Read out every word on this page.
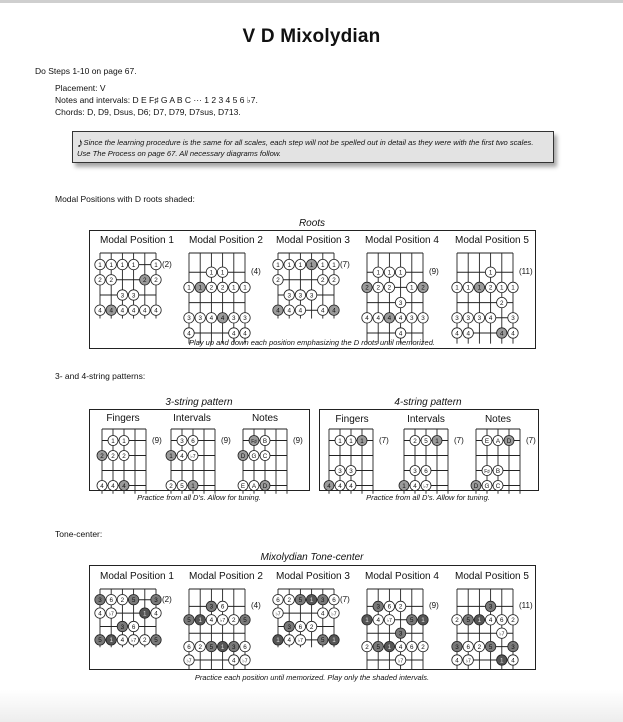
V D Mixolydian
Do Steps 1-10 on page 67.
Placement: V
Notes and intervals: D E F♯ G A B C ··· 1 2 3 4 5 6 ♭7.
Chords: D, D9, Dsus, D6; D7, D79, D7sus, D713.
♪Since the learning procedure is the same for all scales, each step will not be spelled out in detail as they were with the first two scales. Use The Process on page 67. All necessary diagrams follow.
Modal Positions with D roots shaded:
Roots
Play up and down each position emphasizing the D roots until memorized.
3- and 4-string patterns:
3-string pattern
Practice from all D's. Allow for tuning.
4-string pattern
Practice from all D's. Allow for tuning.
Tone-center:
Mixolydian Tone-center
Practice each position until memorized. Play only the shaded intervals.
Modal Position 1
1 1 1 1	1
2 2	2 2
3 3
4 4 4 4 4 4
(2)
Modal Position 2
1 1
1 1 2 2 1 1
3 3 4 4 3 3
4	4 4
(4)
Modal Position 3
1 1 1 1 1 1
2	2 2
3 3 3
4 4 4	4 4
(7)
Modal Position 4
1 1 1
2 2 2	1 2
3
4 4 4 4 3 3
4
(9)
Modal Position 5
1
1 1 1 2 1 1
2
3 3 3 4	3
4 4	4 4
(11)
Modal Position 1
3 6 2 5	3
4 ♭7	1 4
3 6
5 1 4 ♭7 2 5
(2)
Modal Position 2
3 6
5 1 4 ♭7 2 5
6 2 5 1 3 6
♭7	4 ♭7
(4)
Modal Position 3
6 2 5 1 3 6
♭7	4 ♭7
3 6 2
1 4 ♭7	5 1
(7)
Modal Position 4
3 6 2
1 4 ♭7	5 1
3
2 5 1 4 6 2
♭7
(9)
Modal Position 5
3
2 5 1 4 6 2
♭7
3 6 2 5	3
4 ♭7	1 4
(11)
Fingers
1 1
2 2 2
4 4 4
(9)
Intervals
3 6
1 4 ♭7
2 5 1
(9)
Notes
F♯ B
D G C
E A D
(9)
Fingers
1 1 1
3 3
4 4 4
(7)
Intervals
2 5 1
3 6
1 4 ♭7
(7)
Notes
E A D
F♯ B
D G C
(7)
